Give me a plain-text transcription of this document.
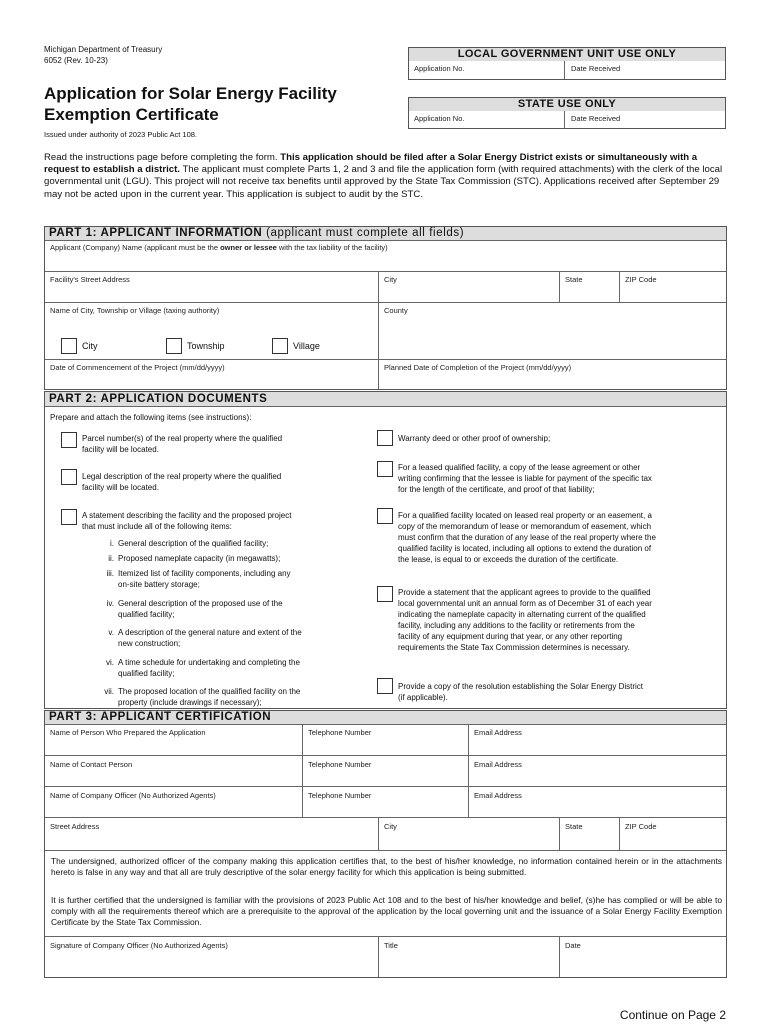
Michigan Department of Treasury
6052 (Rev. 10-23)
Application for Solar Energy Facility
Exemption Certificate
Issued under authority of 2023 Public Act 108.
LOCAL GOVERNMENT UNIT USE ONLY
Application No.	Date Received
STATE USE ONLY
Application No.	Date Received
Read the instructions page before completing the form. This application should be filed after a Solar Energy District exists or simultaneously with a request to establish a district. The applicant must complete Parts 1, 2 and 3 and file the application form (with required attachments) with the clerk of the local governmental unit (LGU). This project will not receive tax benefits until approved by the State Tax Commission (STC). Applications received after September 29 may not be acted upon in the current year. This application is subject to audit by the STC.
PART 1: APPLICANT INFORMATION (applicant must complete all fields)
Applicant (Company) Name (applicant must be the owner or lessee with the tax liability of the facility)
Facility's Street Address	City	State	ZIP Code
Name of City, Township or Village (taxing authority)	County
City	Township	Village
Date of Commencement of the Project (mm/dd/yyyy)	Planned Date of Completion of the Project (mm/dd/yyyy)
PART 2: APPLICATION DOCUMENTS
Prepare and attach the following items (see instructions):
Parcel number(s) of the real property where the qualified
facility will be located.
Legal description of the real property where the qualified
facility will be located.
A statement describing the facility and the proposed project
that must include all of the following items:
i. General description of the qualified facility;
ii. Proposed nameplate capacity (in megawatts);
iii. Itemized list of facility components, including any
on-site battery storage;
iv. General description of the proposed use of the
qualified facility;
v. A description of the general nature and extent of the
new construction;
vi. A time schedule for undertaking and completing the
qualified facility;
vii. The proposed location of the qualified facility on the
property (include drawings if necessary);
Warranty deed or other proof of ownership;
For a leased qualified facility, a copy of the lease agreement or other
writing confirming that the lessee is liable for payment of the specific tax
for the length of the certificate, and proof of that liability;
For a qualified facility located on leased real property or an easement, a
copy of the memorandum of lease or memorandum of easement, which
must confirm that the duration of any lease of the real property where the
qualified facility is located, including all options to extend the duration of
the lease, is equal to or exceeds the duration of the certificate.
Provide a statement that the applicant agrees to provide to the qualified
local governmental unit an annual form as of December 31 of each year
indicating the nameplate capacity in alternating current of the qualified
facility, including any additions to the facility or retirements from the
facility of any equipment during that year, or any other reporting
requirements the State Tax Commission determines is necessary.
Provide a copy of the resolution establishing the Solar Energy District
(if applicable).
PART 3: APPLICANT CERTIFICATION
Name of Person Who Prepared the Application	Telephone Number	Email Address
Name of Contact Person	Telephone Number	Email Address
Name of Company Officer (No Authorized Agents)	Telephone Number	Email Address
Street Address	City	State	ZIP Code
The undersigned, authorized officer of the company making this application certifies that, to the best of his/her knowledge, no information contained herein or in the attachments hereto is false in any way and that all are truly descriptive of the solar energy facility for which this application is being submitted.
It is further certified that the undersigned is familiar with the provisions of 2023 Public Act 108 and to the best of his/her knowledge and belief, (s)he has complied or will be able to comply with all the requirements thereof which are a prerequisite to the approval of the application by the local governing unit and the issuance of a Solar Energy Facility Exemption Certificate by the State Tax Commission.
Signature of Company Officer (No Authorized Agents)	Title	Date
Continue on Page 2
